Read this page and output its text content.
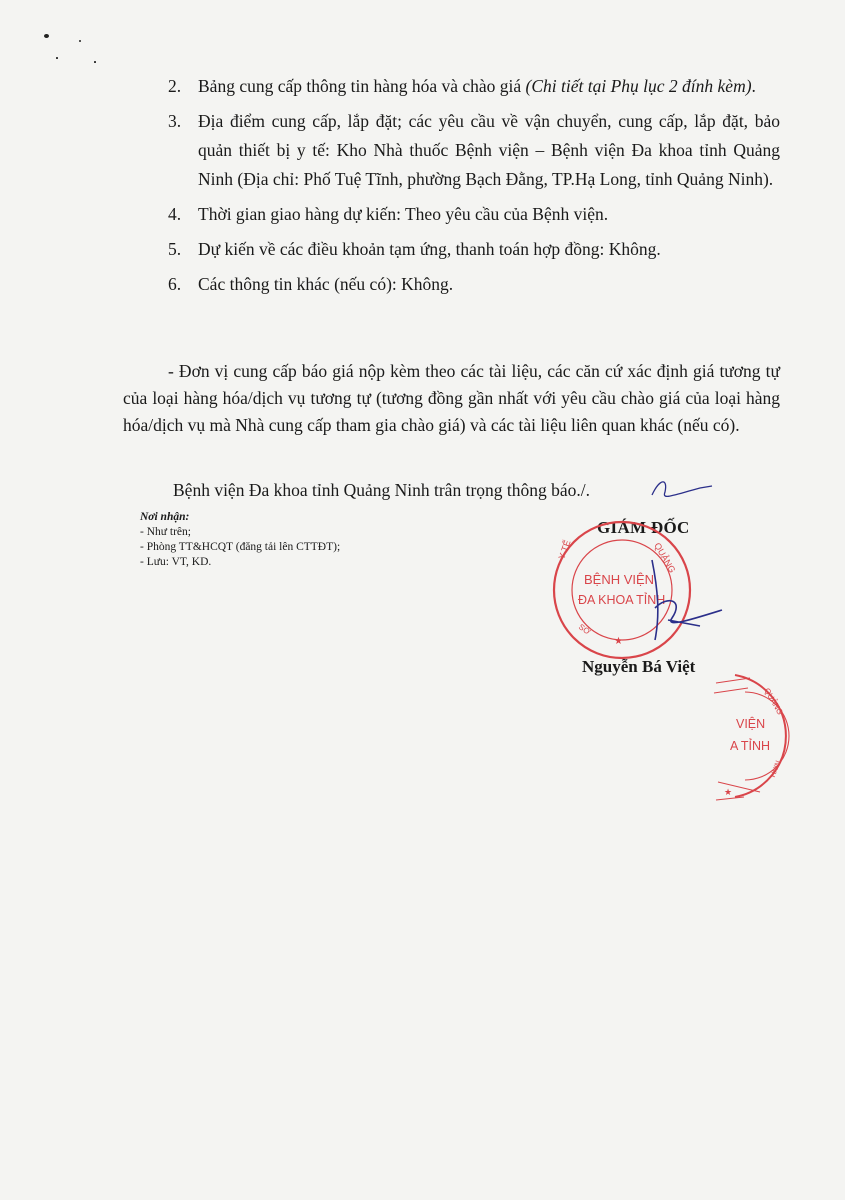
2. Bảng cung cấp thông tin hàng hóa và chào giá (Chi tiết tại Phụ lục 2 đính kèm).
3. Địa điểm cung cấp, lắp đặt; các yêu cầu về vận chuyển, cung cấp, lắp đặt, bảo quản thiết bị y tế: Kho Nhà thuốc Bệnh viện – Bệnh viện Đa khoa tỉnh Quảng Ninh (Địa chỉ: Phố Tuệ Tĩnh, phường Bạch Đằng, TP.Hạ Long, tỉnh Quảng Ninh).
4. Thời gian giao hàng dự kiến: Theo yêu cầu của Bệnh viện.
5. Dự kiến về các điều khoản tạm ứng, thanh toán hợp đồng: Không.
6. Các thông tin khác (nếu có): Không.
- Đơn vị cung cấp báo giá nộp kèm theo các tài liệu, các căn cứ xác định giá tương tự của loại hàng hóa/dịch vụ tương tự (tương đồng gần nhất với yêu cầu chào giá của loại hàng hóa/dịch vụ mà Nhà cung cấp tham gia chào giá) và các tài liệu liên quan khác (nếu có).
Bệnh viện Đa khoa tỉnh Quảng Ninh trân trọng thông báo./.
Nơi nhận:
- Như trên;
- Phòng TT&HCQT (đăng tải lên CTTĐT);
- Lưu: VT, KD.
GIÁM ĐỐC
Nguyễn Bá Việt
BỆNH VIỆN
ĐA KHOA TỈNH
Y TẾ	QUẢNG
SỞ
★
VIỆN
A TỈNH
QUẢNG
NINH
★
